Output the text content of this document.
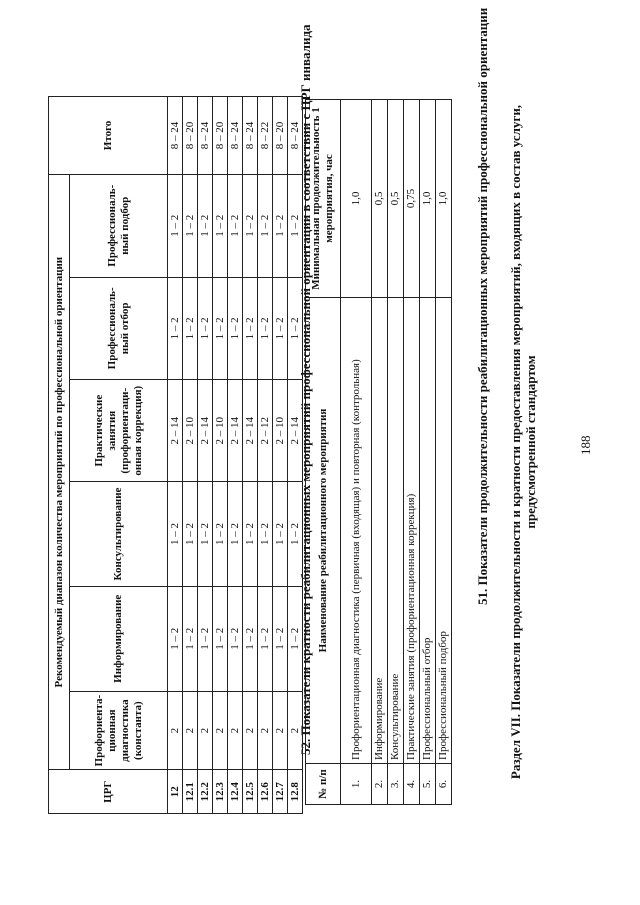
188
Раздел VII. Показатели продолжительности и кратности предоставления мероприятий, входящих в состав услуги, предусмотренной стандартом
51. Показатели продолжительности реабилитационных мероприятий профессиональной ориентации
№ п/п	Наименование реабилитационного мероприятия	Минимальная продолжительность 1 мероприятия, час
1.	Профориентационная диагностика (первичная (входящая) и повторная (контрольная)	1,0
2.	Информирование	0,5
3.	Консультирование	0,5
4.	Практические занятия (профориентационная коррекция)	0,75
5.	Профессиональный отбор	1,0
6.	Профессиональный подбор	1,0
52. Показатели кратности реабилитационных мероприятий профессиональной ориентации в соответствии с ЦРГ инвалида
ЦРГ	Рекомендуемый диапазон количества мероприятий по профессиональной ориентации						Итого
	Профориента-ционная диагностика (константа)	Информирование	Консультирование	Практические занятия (профориентаци-онная коррекция)	Профессиональ-ный отбор	Профессиональ-ный подбор	
12	2	1 – 2	1 – 2	2 – 14	1 – 2	1 – 2	8 – 24
12.1	2	1 – 2	1 – 2	2 – 10	1 – 2	1 – 2	8 – 20
12.2	2	1 – 2	1 – 2	2 – 14	1 – 2	1 – 2	8 – 24
12.3	2	1 – 2	1 – 2	2 – 10	1 – 2	1 – 2	8 – 20
12.4	2	1 – 2	1 – 2	2 – 14	1 – 2	1 – 2	8 – 24
12.5	2	1 – 2	1 – 2	2 – 14	1 – 2	1 – 2	8 – 24
12.6	2	1 – 2	1 – 2	2 – 12	1 – 2	1 – 2	8 – 22
12.7	2	1 – 2	1 – 2	2 – 10	1 – 2	1 – 2	8 – 20
12.8	2	1 – 2	1 – 2	2 – 14	1 – 2	1 – 2	8 – 24
